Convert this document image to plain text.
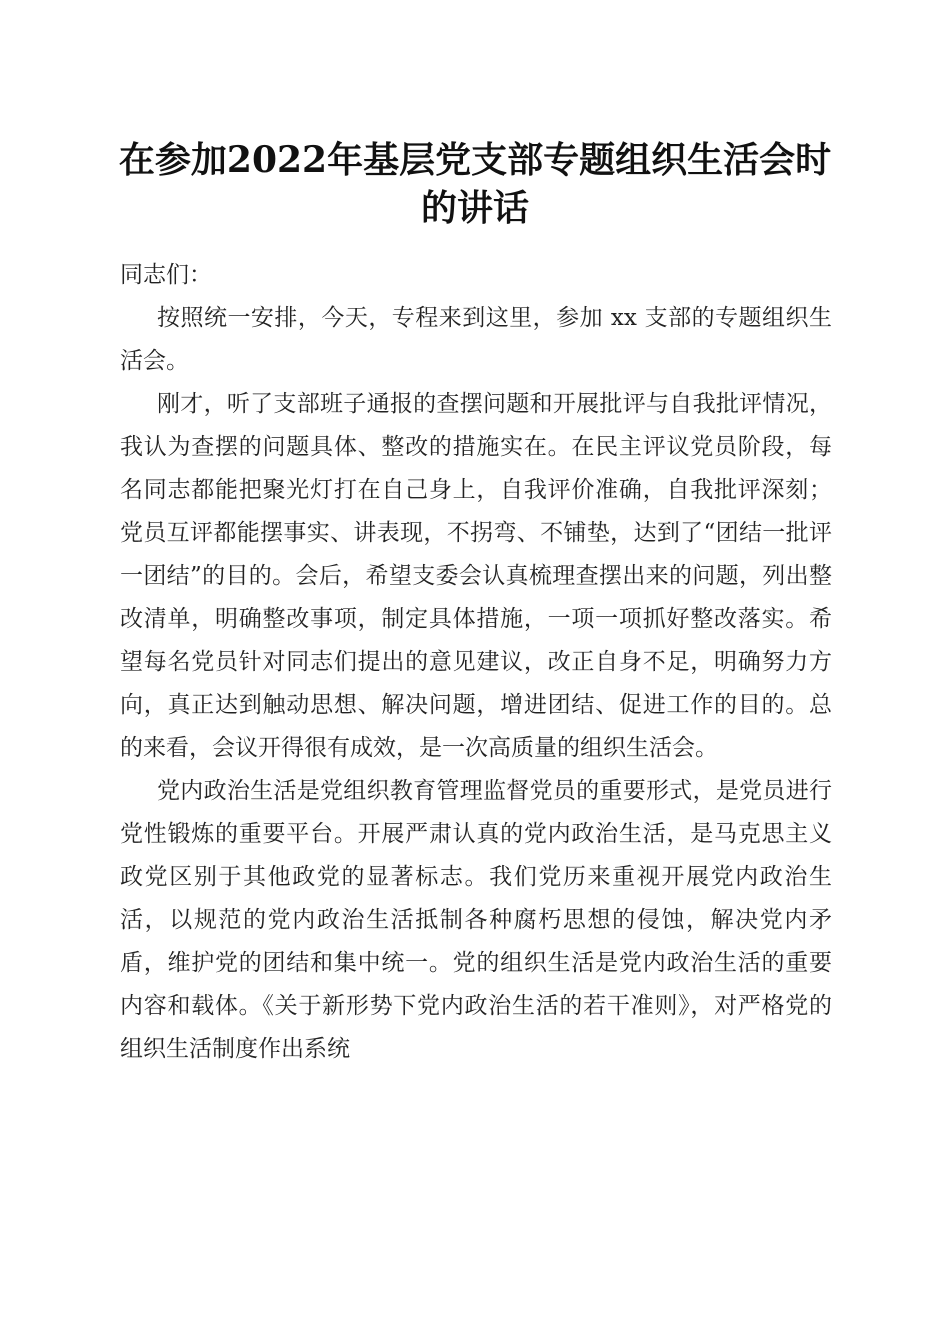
在参加2022年基层党支部专题组织生活会时
的讲话

同志们：

按照统一安排，今天，专程来到这里，参加 xx 支部的专题组织生活会。

刚才，听了支部班子通报的查摆问题和开展批评与自我批评情况，我认为查摆的问题具体、整改的措施实在。在民主评议党员阶段，每名同志都能把聚光灯打在自己身上，自我评价准确，自我批评深刻；党员互评都能摆事实、讲表现，不拐弯、不铺垫，达到了“团结一批评一团结”的目的。会后，希望支委会认真梳理查摆出来的问题，列出整改清单，明确整改事项，制定具体措施，一项一项抓好整改落实。希望每名党员针对同志们提出的意见建议，改正自身不足，明确努力方向，真正达到触动思想、解决问题，增进团结、促进工作的目的。总的来看，会议开得很有成效，是一次高质量的组织生活会。

党内政治生活是党组织教育管理监督党员的重要形式，是党员进行党性锻炼的重要平台。开展严肃认真的党内政治生活，是马克思主义政党区别于其他政党的显著标志。我们党历来重视开展党内政治生活，以规范的党内政治生活抵制各种腐朽思想的侵蚀，解决党内矛盾，维护党的团结和集中统一。党的组织生活是党内政治生活的重要内容和载体。《关于新形势下党内政治生活的若干准则》，对严格党的组织生活制度作出系统
